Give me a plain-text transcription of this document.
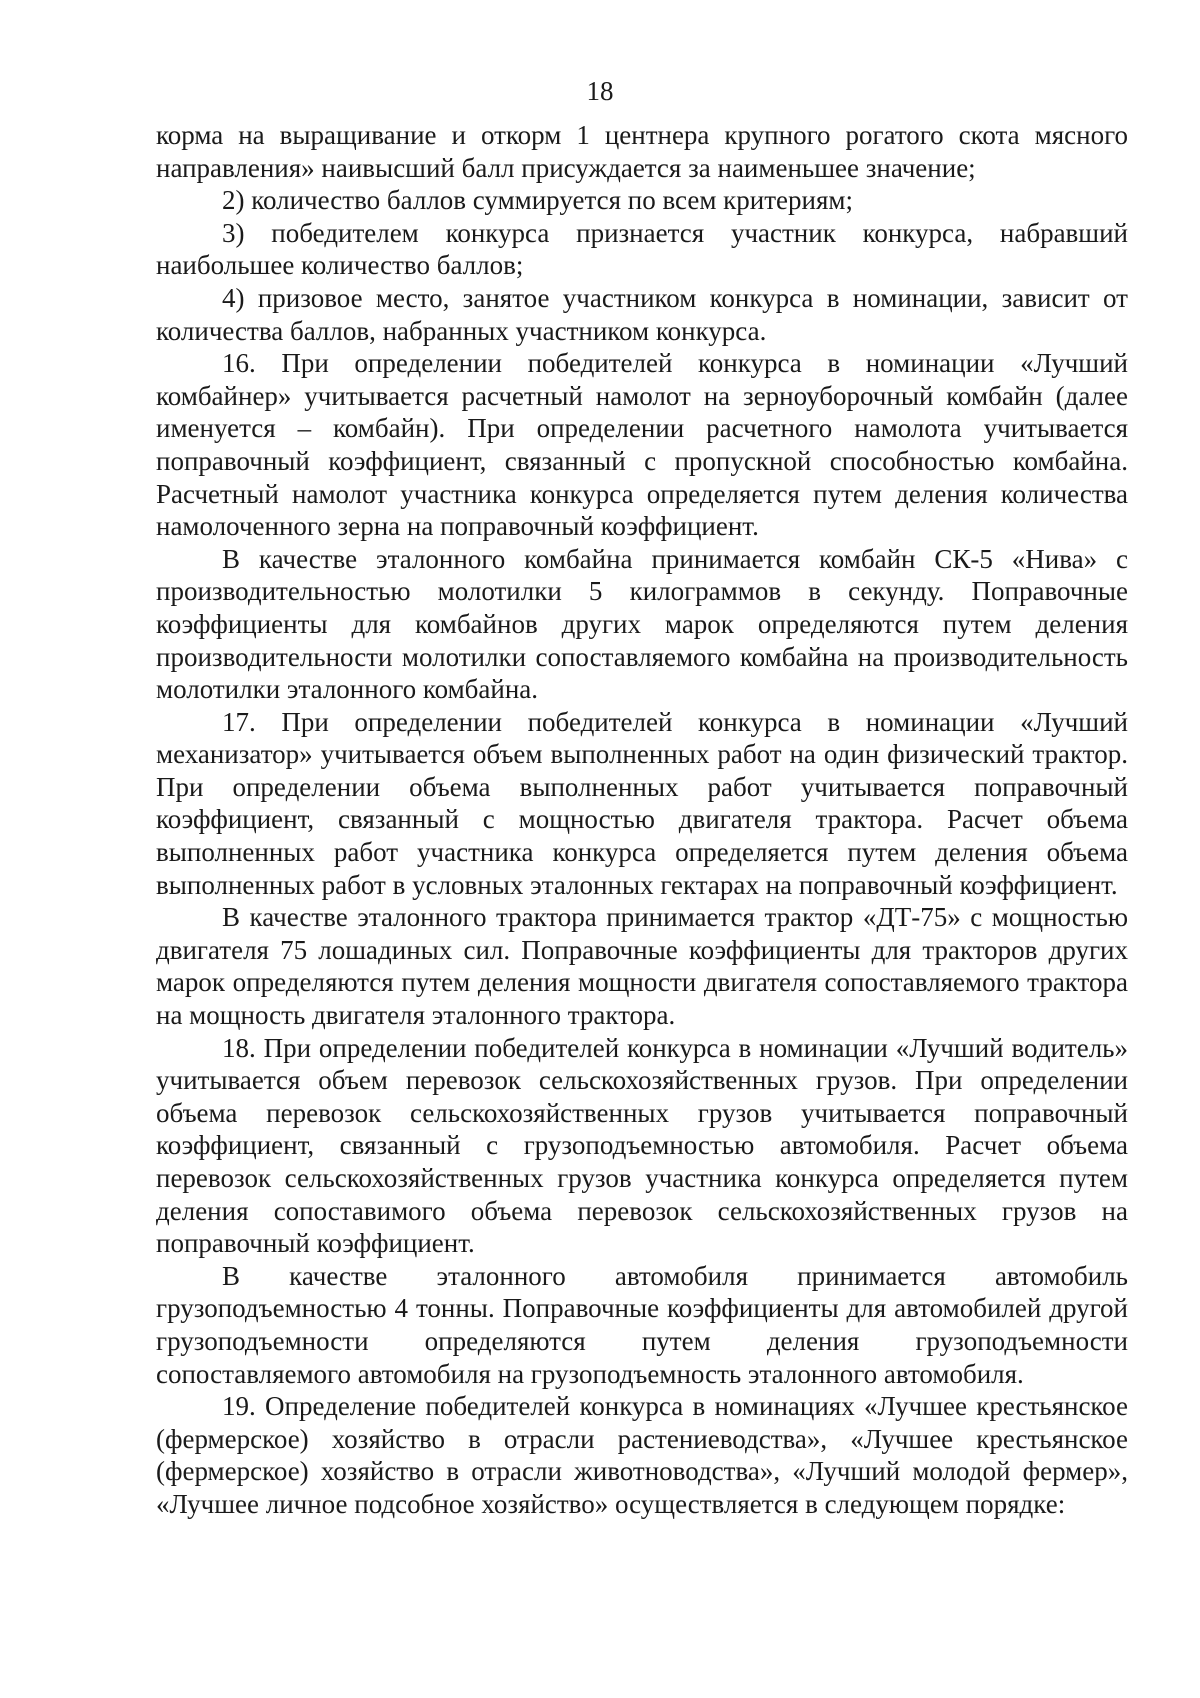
18

корма на выращивание и откорм 1 центнера крупного рогатого скота мясного направления» наивысший балл присуждается за наименьшее значение;

2) количество баллов суммируется по всем критериям;

3) победителем конкурса признается участник конкурса, набравший наибольшее количество баллов;

4) призовое место, занятое участником конкурса в номинации, зависит от количества баллов, набранных участником конкурса.

16. При определении победителей конкурса в номинации «Лучший комбайнер» учитывается расчетный намолот на зерноуборочный комбайн (далее именуется – комбайн). При определении расчетного намолота учитывается поправочный коэффициент, связанный с пропускной способностью комбайна. Расчетный намолот участника конкурса определяется путем деления количества намолоченного зерна на поправочный коэффициент.

В качестве эталонного комбайна принимается комбайн СК-5 «Нива» с производительностью молотилки 5 килограммов в секунду. Поправочные коэффициенты для комбайнов других марок определяются путем деления производительности молотилки сопоставляемого комбайна на производительность молотилки эталонного комбайна.

17. При определении победителей конкурса в номинации «Лучший механизатор» учитывается объем выполненных работ на один физический трактор. При определении объема выполненных работ учитывается поправочный коэффициент, связанный с мощностью двигателя трактора. Расчет объема выполненных работ участника конкурса определяется путем деления объема выполненных работ в условных эталонных гектарах на поправочный коэффициент.

В качестве эталонного трактора принимается трактор «ДТ-75» с мощностью двигателя 75 лошадиных сил. Поправочные коэффициенты для тракторов других марок определяются путем деления мощности двигателя сопоставляемого трактора на мощность двигателя эталонного трактора.

18. При определении победителей конкурса в номинации «Лучший водитель» учитывается объем перевозок сельскохозяйственных грузов. При определении объема перевозок сельскохозяйственных грузов учитывается поправочный коэффициент, связанный с грузоподъемностью автомобиля. Расчет объема перевозок сельскохозяйственных грузов участника конкурса определяется путем деления сопоставимого объема перевозок сельскохозяйственных грузов на поправочный коэффициент.

В качестве эталонного автомобиля принимается автомобиль грузоподъемностью 4 тонны. Поправочные коэффициенты для автомобилей другой грузоподъемности определяются путем деления грузоподъемности сопоставляемого автомобиля на грузоподъемность эталонного автомобиля.

19. Определение победителей конкурса в номинациях «Лучшее крестьянское (фермерское) хозяйство в отрасли растениеводства», «Лучшее крестьянское (фермерское) хозяйство в отрасли животноводства», «Лучший молодой фермер», «Лучшее личное подсобное хозяйство» осуществляется в следующем порядке:
